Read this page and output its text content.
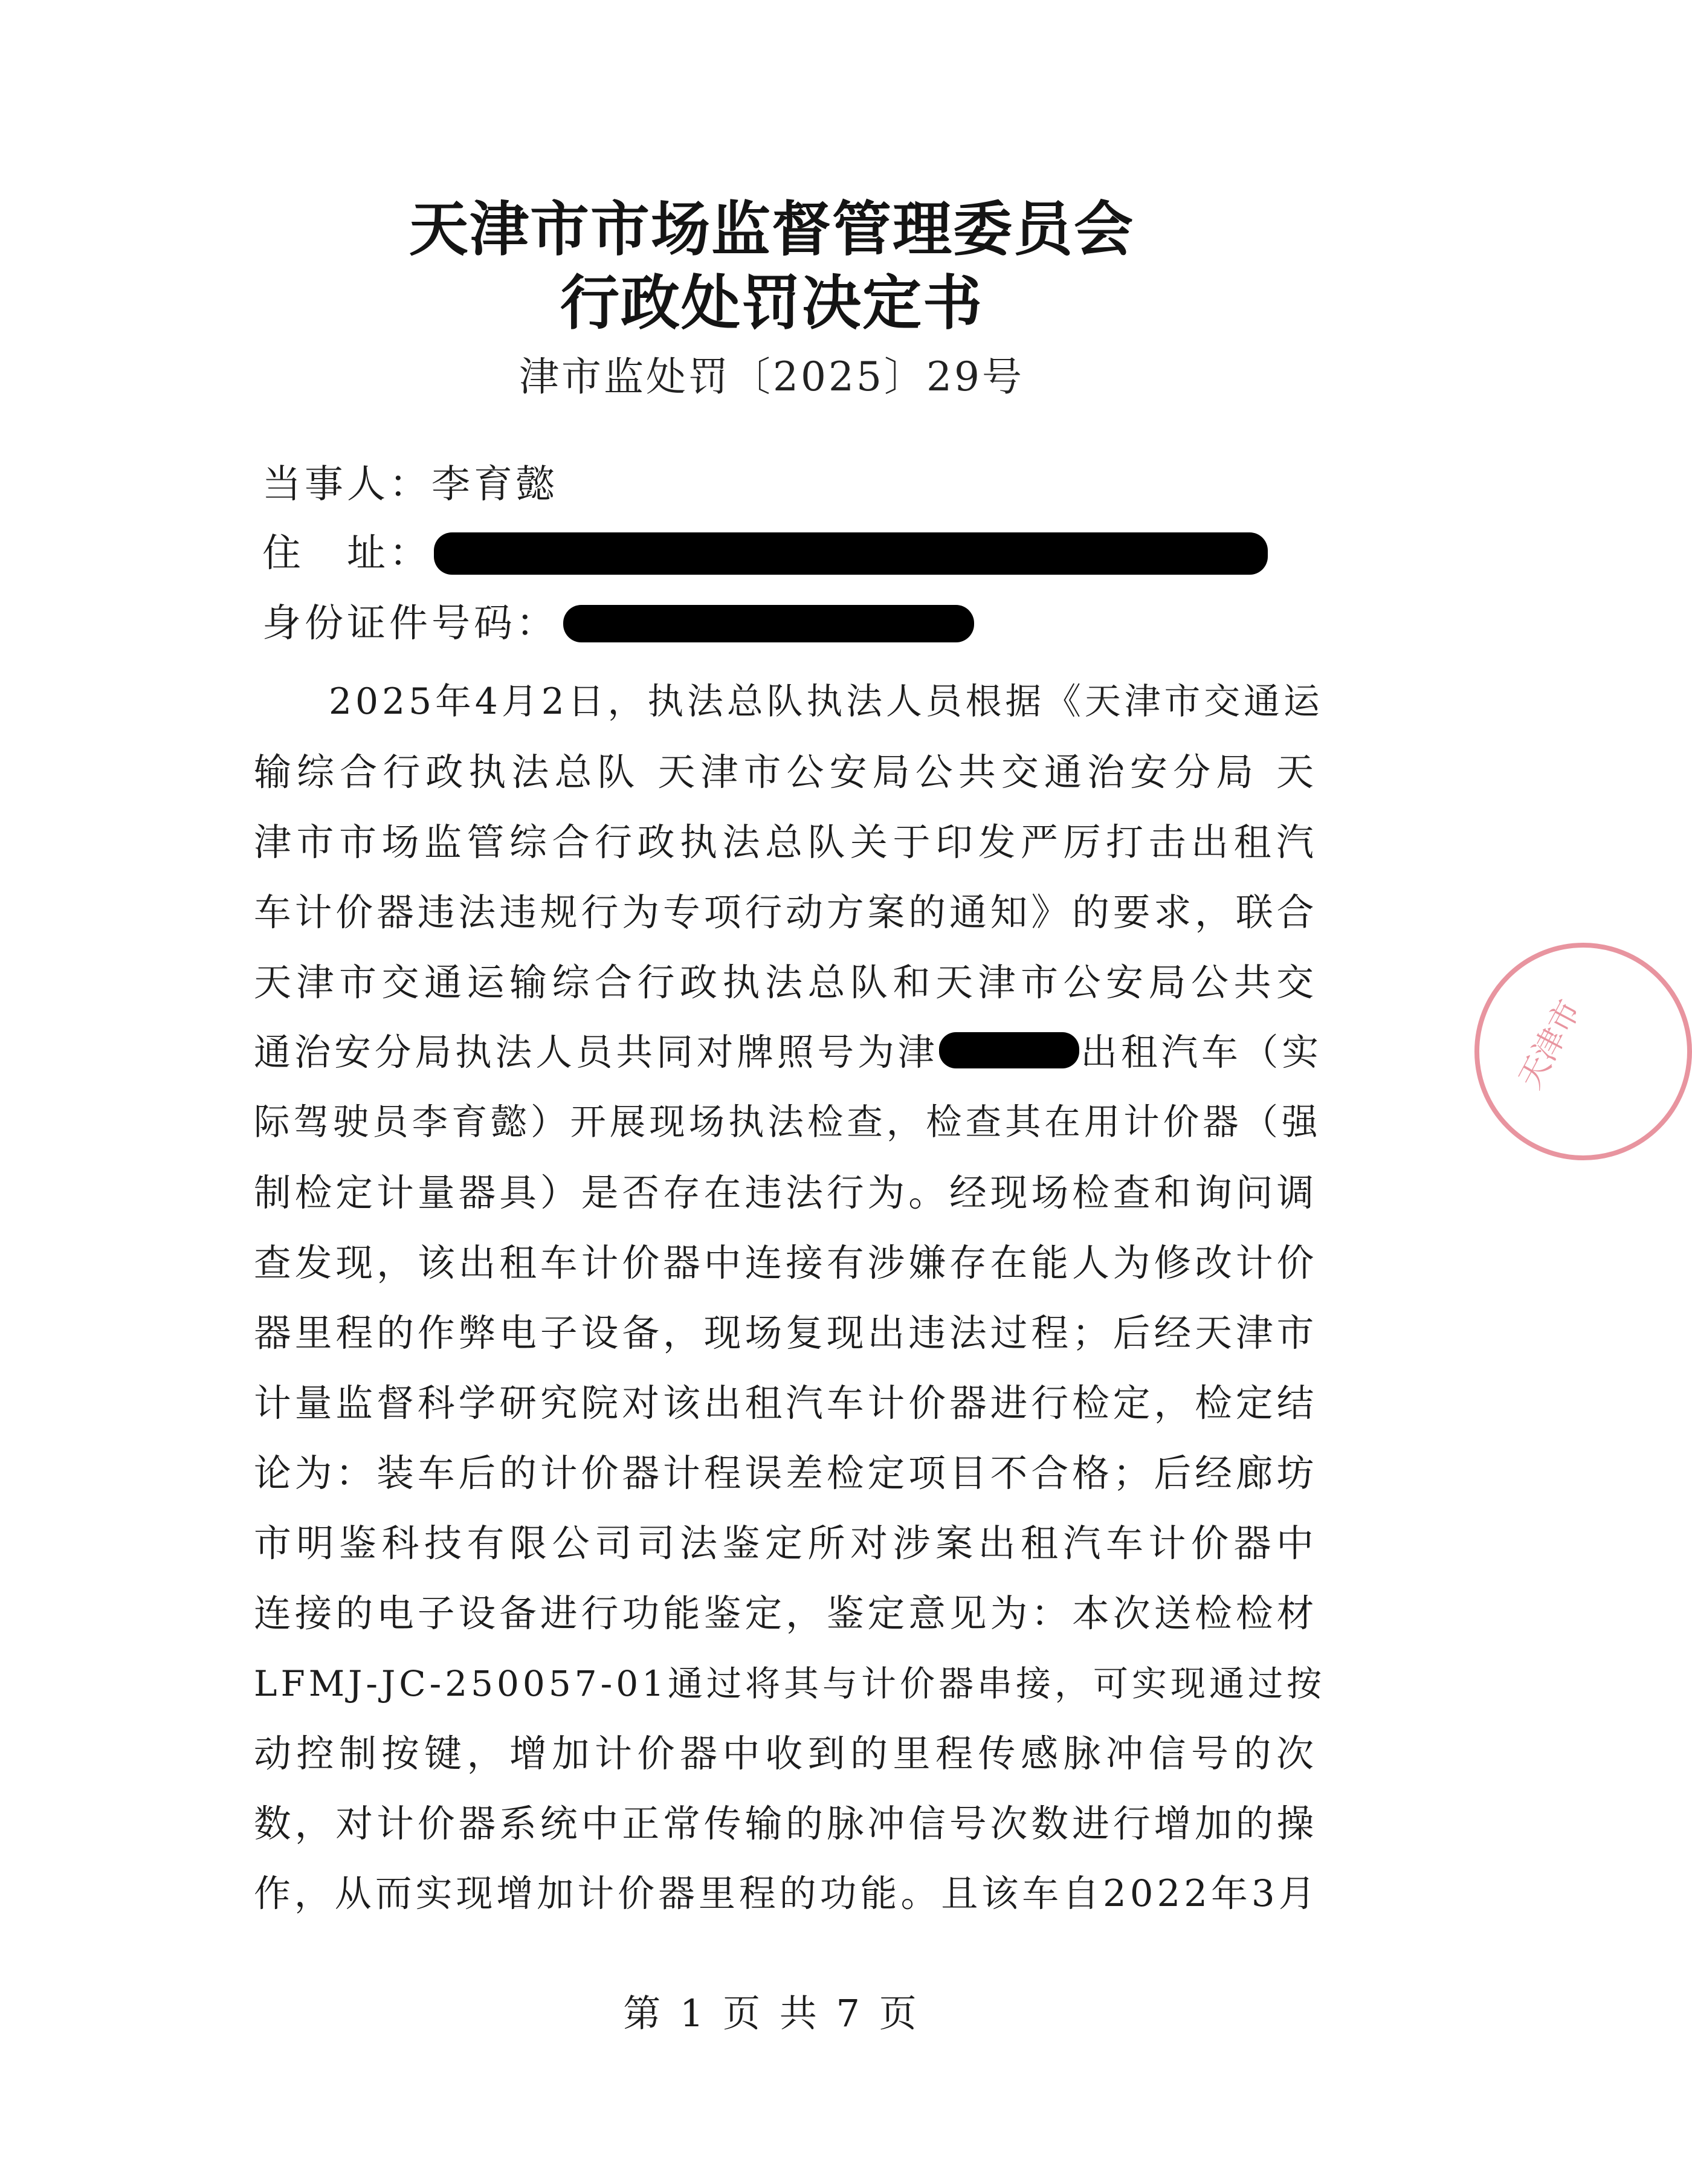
天津市市场监督管理委员会
行政处罚决定书
津市监处罚〔2025〕29号
当事人：李育懿
住　址：
身份证件号码：
2025年4月2日，执法总队执法人员根据《天津市交通运
输综合行政执法总队 天津市公安局公共交通治安分局 天
津市市场监管综合行政执法总队关于印发严厉打击出租汽
车计价器违法违规行为专项行动方案的通知》的要求，联合
天津市交通运输综合行政执法总队和天津市公安局公共交
通治安分局执法人员共同对牌照号为津	出租汽车（实
际驾驶员李育懿）开展现场执法检查，检查其在用计价器（强
制检定计量器具）是否存在违法行为。经现场检查和询问调
查发现，该出租车计价器中连接有涉嫌存在能人为修改计价
器里程的作弊电子设备，现场复现出违法过程；后经天津市
计量监督科学研究院对该出租汽车计价器进行检定，检定结
论为：装车后的计价器计程误差检定项目不合格；后经廊坊
市明鉴科技有限公司司法鉴定所对涉案出租汽车计价器中
连接的电子设备进行功能鉴定，鉴定意见为：本次送检检材
LFMJ-JC-250057-01通过将其与计价器串接，可实现通过按
动控制按键，增加计价器中收到的里程传感脉冲信号的次
数，对计价器系统中正常传输的脉冲信号次数进行增加的操
作，从而实现增加计价器里程的功能。且该车自2022年3月
第 1 页 共 7 页
天津市
